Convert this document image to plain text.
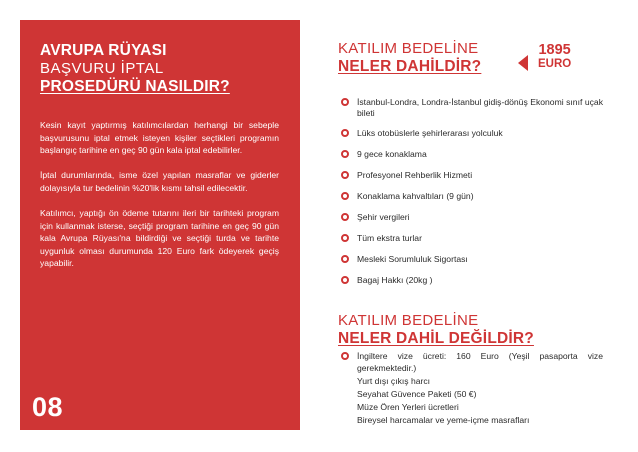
AVRUPA RÜYASI
BAŞVURU İPTAL
PROSEDÜRÜ NASILDIR?

Kesin kayıt yaptırmış katılımcılardan herhangi bir sebeple başvurusunu iptal etmek isteyen kişiler seçtikleri programın başlangıç tarihine en geç 90 gün kala iptal edebilirler.

İptal durumlarında, isme özel yapılan masraflar ve giderler dolayısıyla tur bedelinin %20'lik kısmı tahsil edilecektir.

Katılımcı, yaptığı ön ödeme tutarını ileri bir tarihteki program için kullanmak isterse, seçtiği program tarihine en geç 90 gün kala Avrupa Rüyası'na bildirdiği ve seçtiği turda ve tarihte uygunluk olması durumunda 120 Euro fark ödeyerek geçiş yapabilir.

08
KATILIM BEDELİNE
NELER DAHİLDİR?
1895
EURO
İstanbul-Londra, Londra-İstanbul gidiş-dönüş Ekonomi sınıf uçak bileti
Lüks otobüslerle şehirlerarası yolculuk
9 gece konaklama
Profesyonel Rehberlik Hizmeti
Konaklama kahvaltıları (9 gün)
Şehir vergileri
Tüm ekstra turlar
Mesleki Sorumluluk Sigortası
Bagaj Hakkı (20kg )
KATILIM BEDELİNE
NELER DAHİL DEĞİLDİR?
İngiltere vize ücreti: 160 Euro (Yeşil pasaporta vize gerekmektedir.)
Yurt dışı çıkış harcı
Seyahat Güvence Paketi (50 €)
Müze Ören Yerleri ücretleri
Bireysel harcamalar ve yeme-içme masrafları
